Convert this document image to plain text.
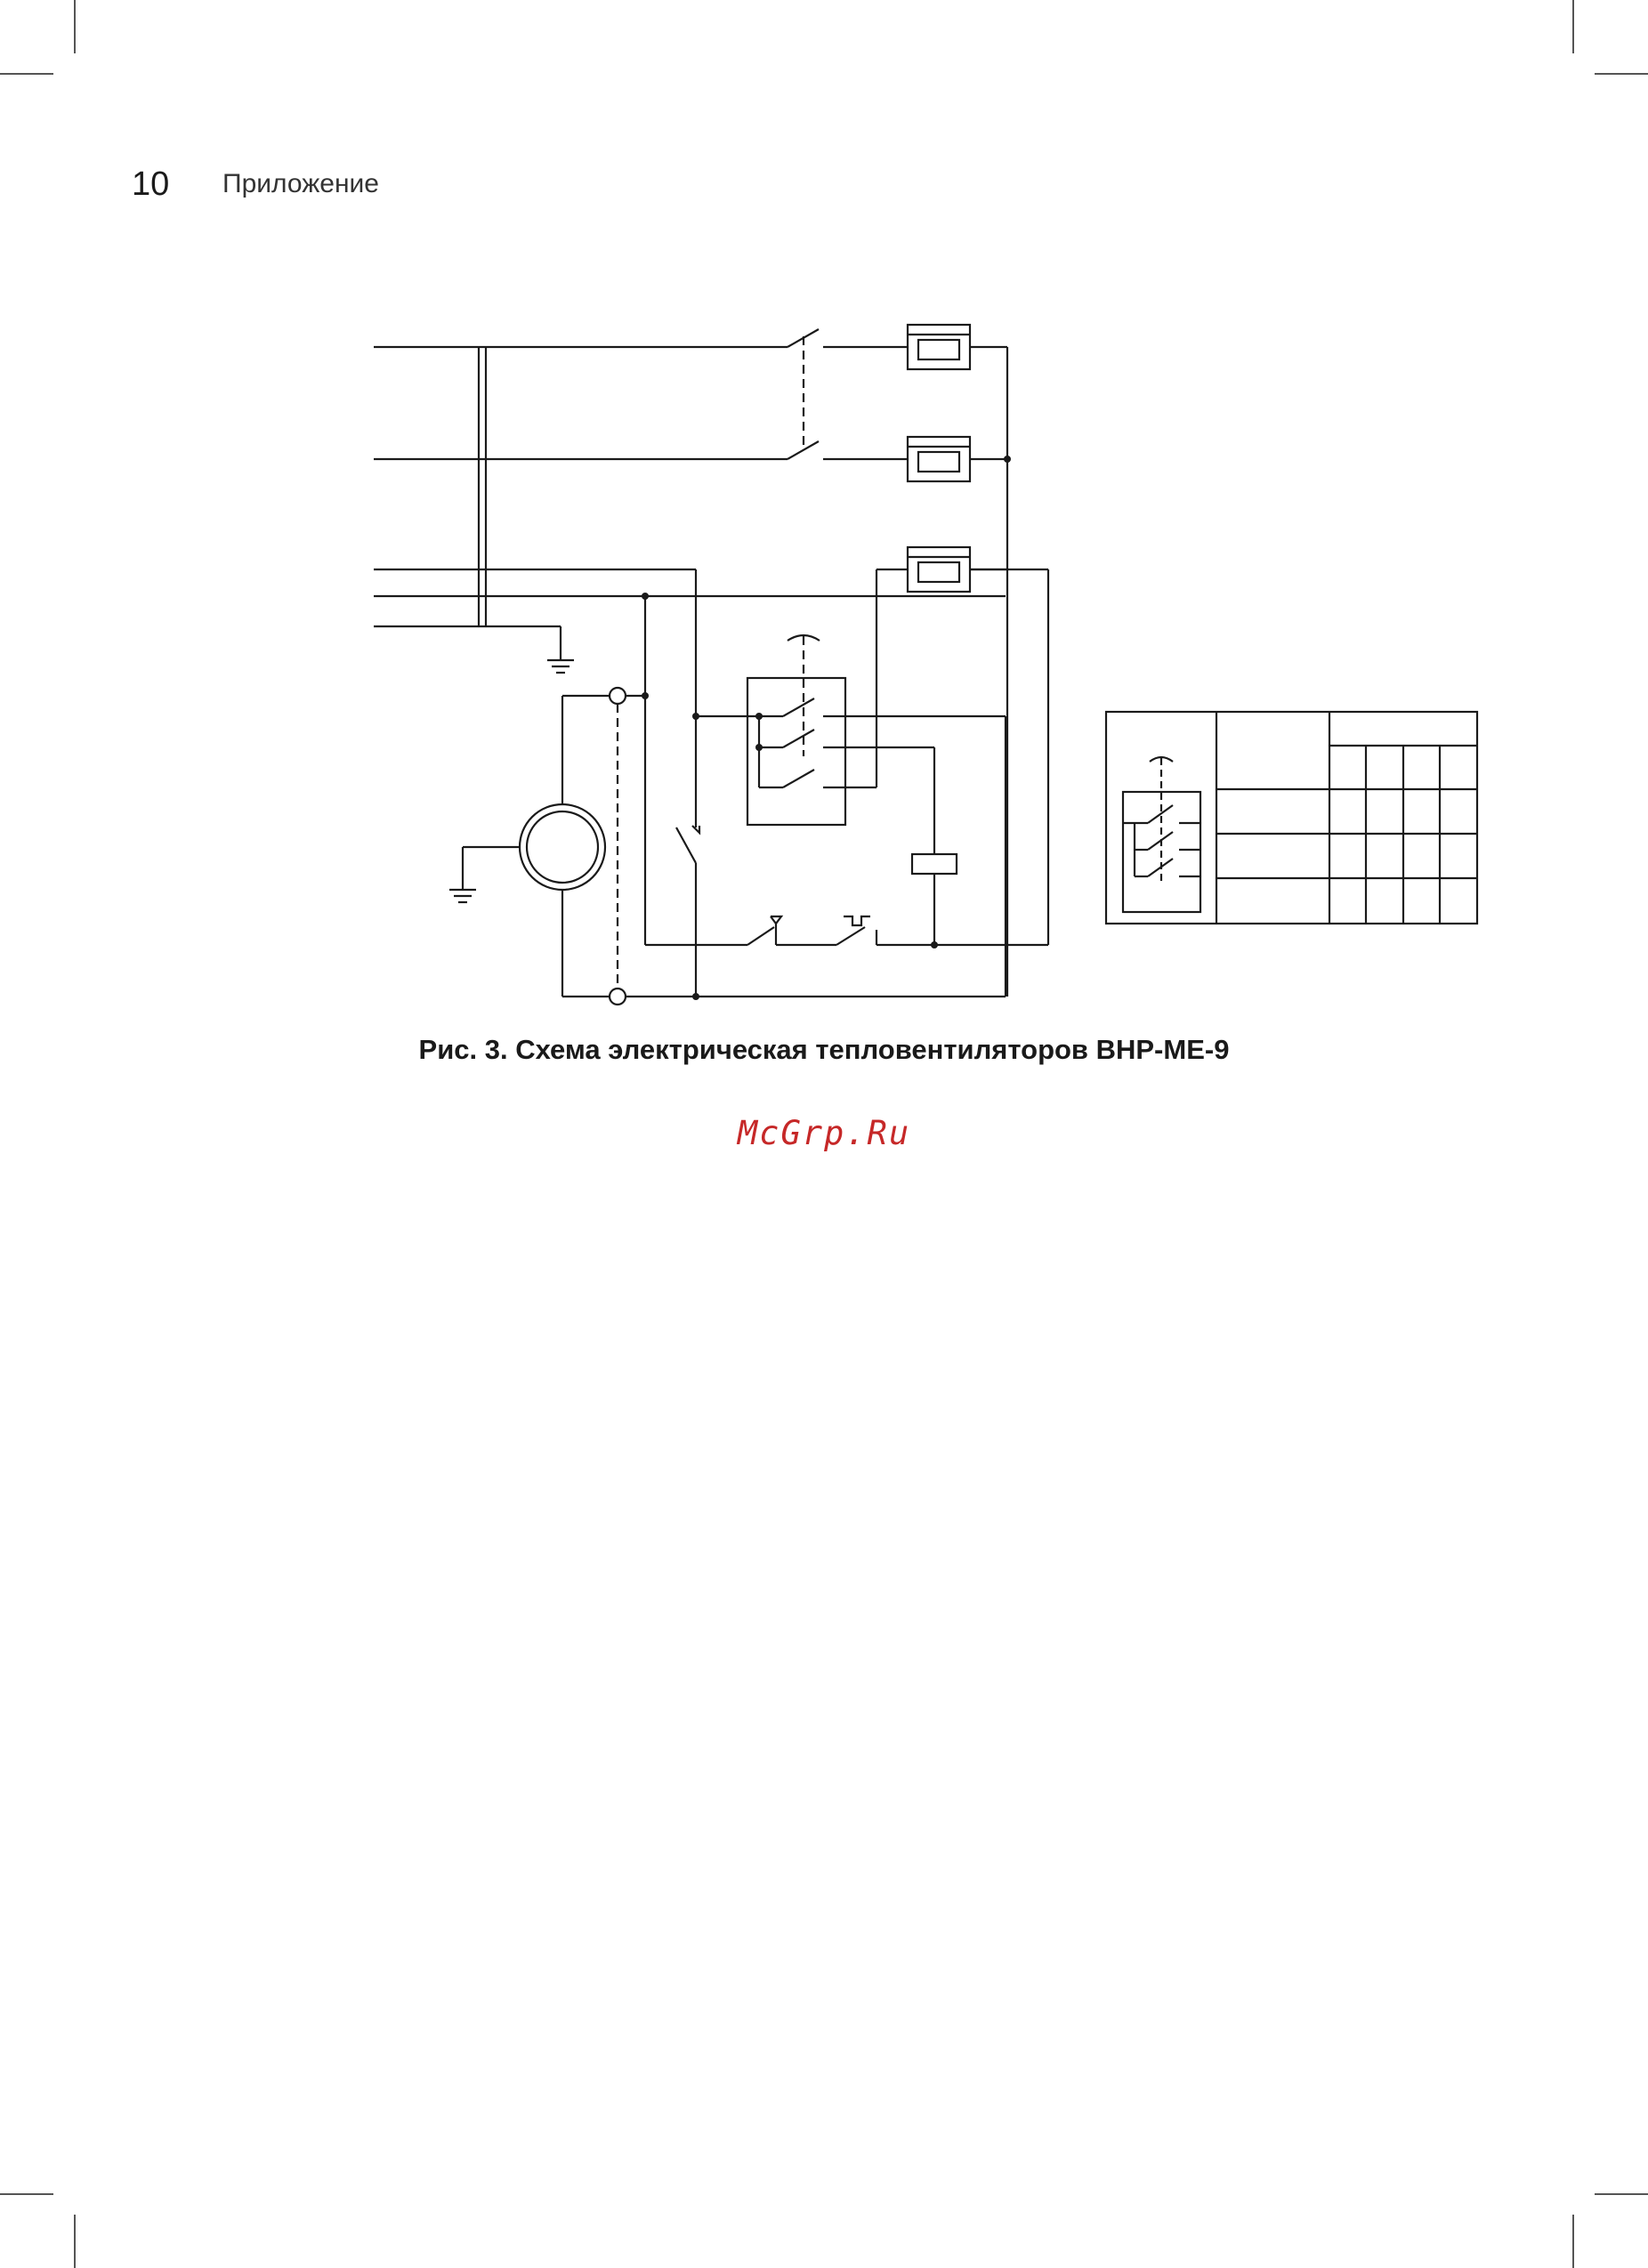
10 Приложение
Рис. 3. Схема электрическая тепловентиляторов ВНР-МЕ-9
McGrp.Ru
